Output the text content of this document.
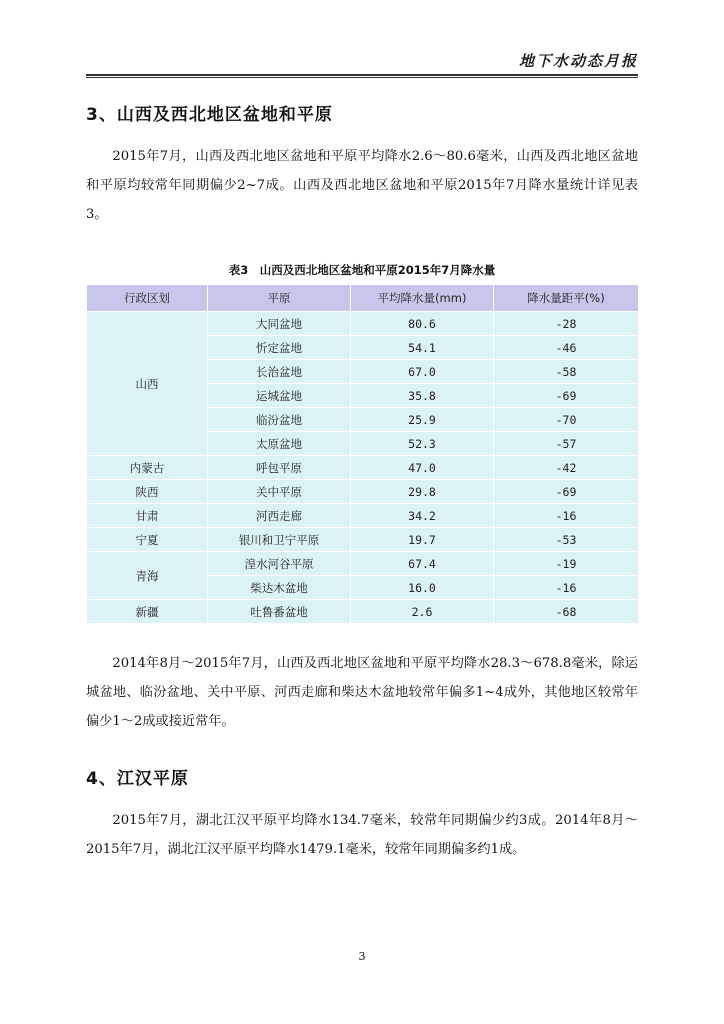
地下水动态月报
3、山西及西北地区盆地和平原
2015年7月，山西及西北地区盆地和平原平均降水2.6～80.6毫米，山西及西北地区盆地和平原均较常年同期偏少2~7成。山西及西北地区盆地和平原2015年7月降水量统计详见表3。
表3　山西及西北地区盆地和平原2015年7月降水量
行政区划	平原	平均降水量(mm)	降水量距平(%)
山西	大同盆地	80.6	-28
	忻定盆地	54.1	-46
	长治盆地	67.0	-58
	运城盆地	35.8	-69
	临汾盆地	25.9	-70
	太原盆地	52.3	-57
内蒙古	呼包平原	47.0	-42
陕西	关中平原	29.8	-69
甘肃	河西走廊	34.2	-16
宁夏	银川和卫宁平原	19.7	-53
青海	湟水河谷平原	67.4	-19
	柴达木盆地	16.0	-16
新疆	吐鲁番盆地	2.6	-68
2014年8月～2015年7月，山西及西北地区盆地和平原平均降水28.3～678.8毫米，除运城盆地、临汾盆地、关中平原、河西走廊和柴达木盆地较常年偏多1~4成外，其他地区较常年偏少1～2成或接近常年。
4、江汉平原
2015年7月，湖北江汉平原平均降水134.7毫米，较常年同期偏少约3成。2014年8月～2015年7月，湖北江汉平原平均降水1479.1毫米，较常年同期偏多约1成。
3
